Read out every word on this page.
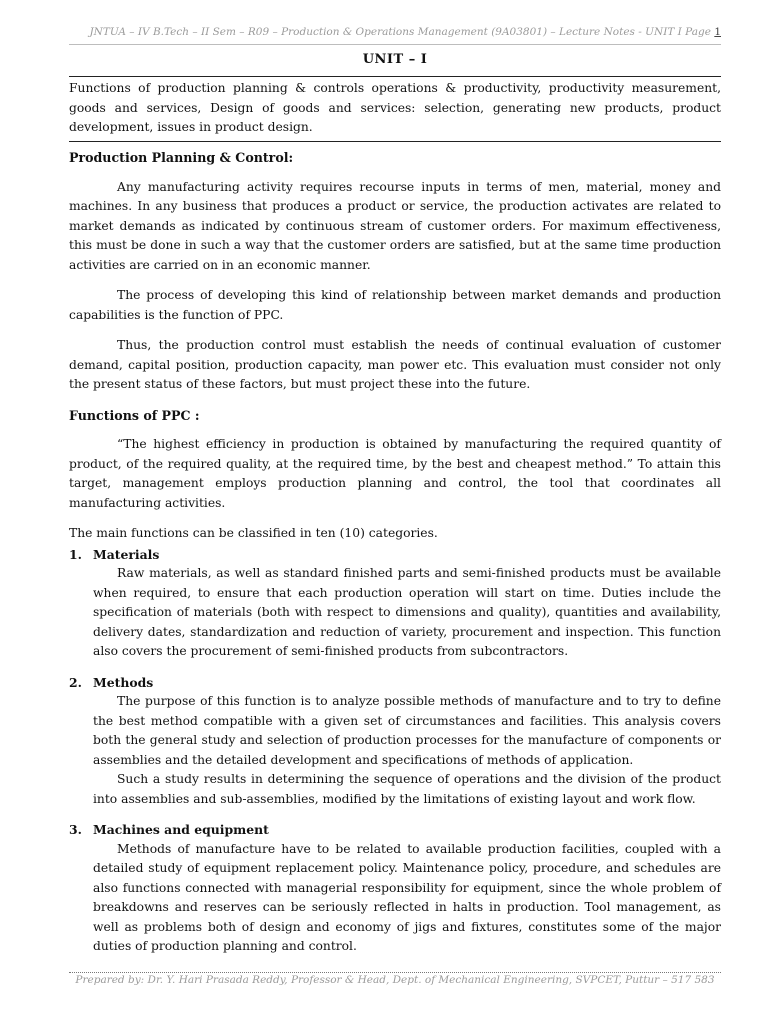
JNTUA – IV B.Tech – II Sem – R09 – Production & Operations Management (9A03801) – Lecture Notes - UNIT I Page 1
UNIT – I
Functions of production planning & controls operations & productivity, productivity measurement, goods and services, Design of goods and services: selection, generating new products, product development, issues in product design.
Production Planning & Control:

Any manufacturing activity requires recourse inputs in terms of men, material, money and machines. In any business that produces a product or service, the production activates are related to market demands as indicated by continuous stream of customer orders. For maximum effectiveness, this must be done in such a way that the customer orders are satisfied, but at the same time production activities are carried on in an economic manner.

The process of developing this kind of relationship between market demands and production capabilities is the function of PPC.

Thus, the production control must establish the needs of continual evaluation of customer demand, capital position, production capacity, man power etc. This evaluation must consider not only the present status of these factors, but must project these into the future.

Functions of PPC :

“The highest efficiency in production is obtained by manufacturing the required quantity of product, of the required quality, at the required time, by the best and cheapest method.” To attain this target, management employs production planning and control, the tool that coordinates all manufacturing activities.

The main functions can be classified in ten (10) categories.

1. Materials

Raw materials, as well as standard finished parts and semi-finished products must be available when required, to ensure that each production operation will start on time. Duties include the specification of materials (both with respect to dimensions and quality), quantities and availability, delivery dates, standardization and reduction of variety, procurement and inspection. This function also covers the procurement of semi-finished products from subcontractors.

2. Methods

The purpose of this function is to analyze possible methods of manufacture and to try to define the best method compatible with a given set of circumstances and facilities. This analysis covers both the general study and selection of production processes for the manufacture of components or assemblies and the detailed development and specifications of methods of application.

Such a study results in determining the sequence of operations and the division of the product into assemblies and sub-assemblies, modified by the limitations of existing layout and work flow.

3. Machines and equipment

Methods of manufacture have to be related to available production facilities, coupled with a detailed study of equipment replacement policy. Maintenance policy, procedure, and schedules are also functions connected with managerial responsibility for equipment, since the whole problem of breakdowns and reserves can be seriously reflected in halts in production. Tool management, as well as problems both of design and economy of jigs and fixtures, constitutes some of the major duties of production planning and control.

Prepared by: Dr. Y. Hari Prasada Reddy, Professor & Head, Dept. of Mechanical Engineering, SVPCET, Puttur – 517 583
